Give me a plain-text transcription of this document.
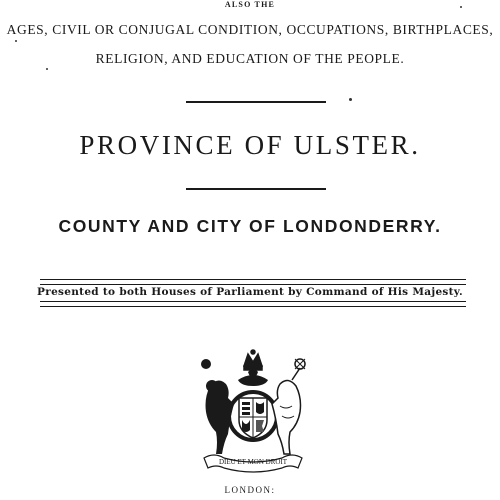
ALSO THE
AGES, CIVIL OR CONJUGAL CONDITION, OCCUPATIONS, BIRTHPLACES,
RELIGION, AND EDUCATION OF THE PEOPLE.
PROVINCE OF ULSTER.
COUNTY AND CITY OF LONDONDERRY.
Presented to both Houses of Parliament by Command of His Majesty.
DIEU ET MON DROIT
LONDON:
